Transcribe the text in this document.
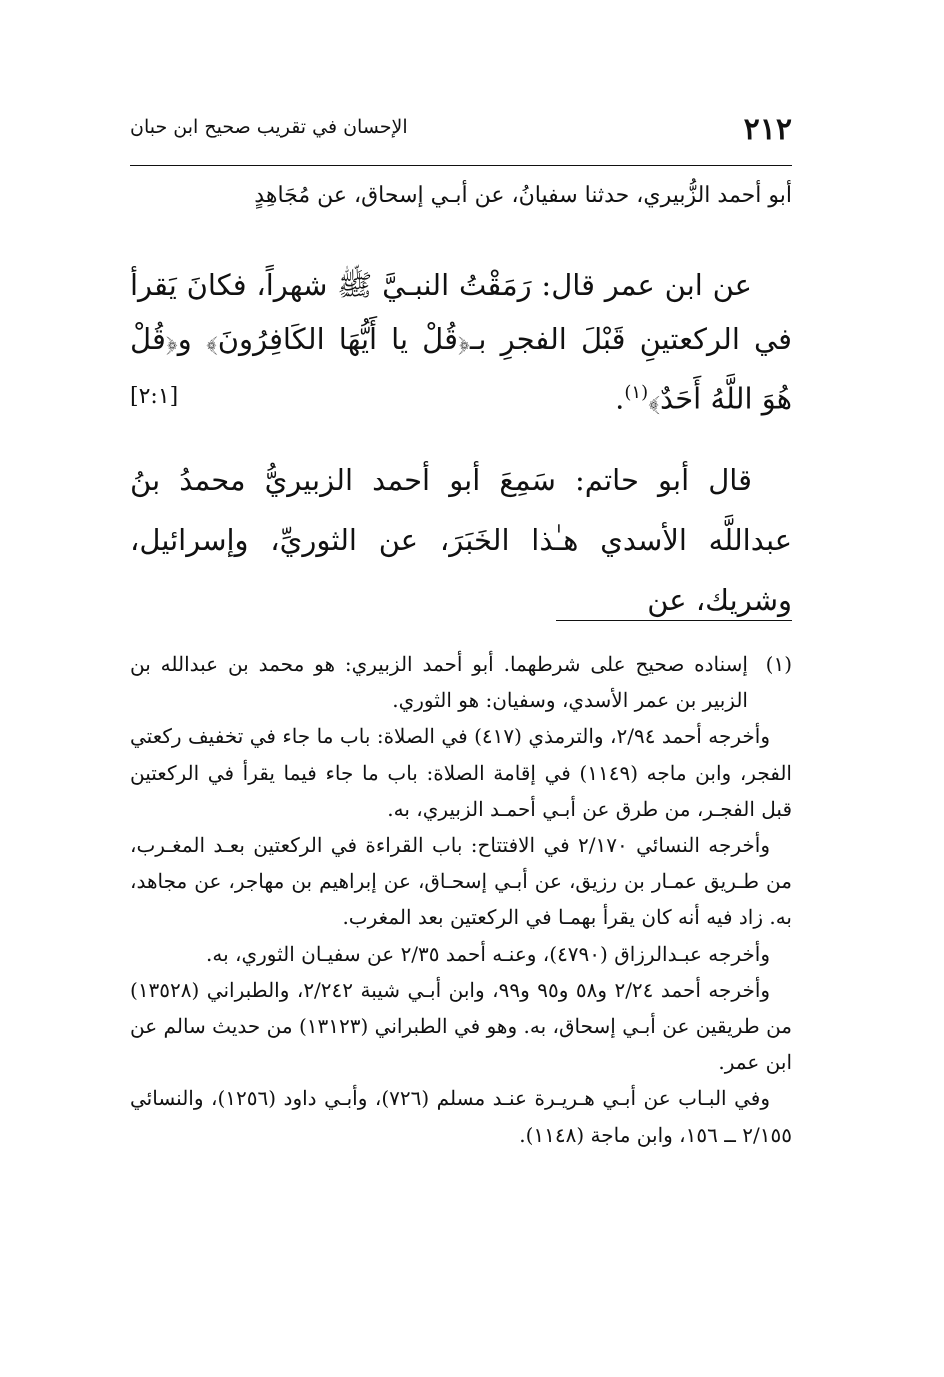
٢١٢
الإحسان في تقريب صحيح ابن حبان
أبو أحمد الزُّبيري، حدثنا سفيانُ، عن أبـي إسحاق، عن مُجَاهِدٍ
عن ابن عمر قال: رَمَقْتُ النبـيَّ ﷺ شهراً، فكانَ يَقرأ في الركعتينِ قَبْلَ الفجرِ بـ﴿قُلْ يا أَيُّهَا الكَافِرُونَ﴾ و﴿قُلْ هُوَ اللَّهُ أَحَدٌ﴾$^{(١)}$.
[٢:١]
قال أبو حاتم: سَمِعَ أبو أحمد الزبيريُّ محمدُ بنُ عبداللَّه الأسدي هـٰذا الخَبَرَ، عن الثوريِّ، وإسرائيل، وشريك، عن
(١)

إسناده صحيح على شرطهما. أبو أحمد الزبيري: هو محمد بن عبدالله بن الزبير بن عمر الأسدي، وسفيان: هو الثوري.

وأخرجه أحمد ٢/٩٤، والترمذي (٤١٧) في الصلاة: باب ما جاء في تخفيف ركعتي الفجر، وابن ماجه (١١٤٩) في إقامة الصلاة: باب ما جاء فيما يقرأ في الركعتين قبل الفجـر، من طرق عن أبـي أحمـد الزبيري، به.

وأخرجه النسائي ٢/١٧٠ في الافتتاح: باب القراءة في الركعتين بعـد المغـرب، من طـريق عمـار بن رزيق، عن أبـي إسحـاق، عن إبراهيم بن مهاجر، عن مجاهد، به. زاد فيه أنه كان يقرأ بهمـا في الركعتين بعد المغرب.

وأخرجه عبـدالرزاق (٤٧٩٠)، وعنـه أحمد ٢/٣٥ عن سفيـان الثوري، به.

وأخرجه أحمد ٢/٢٤ و٥٨ و٩٥ و٩٩، وابن أبـي شيبة ٢/٢٤٢، والطبراني (١٣٥٢٨) من طريقين عن أبـي إسحاق، به. وهو في الطبراني (١٣١٢٣) من حديث سالم عن ابن عمر.

وفي البـاب عن أبـي هـريـرة عنـد مسلم (٧٢٦)، وأبـي داود (١٢٥٦)، والنسائي ٢/١٥٥ ــ ١٥٦، وابن ماجة (١١٤٨).
